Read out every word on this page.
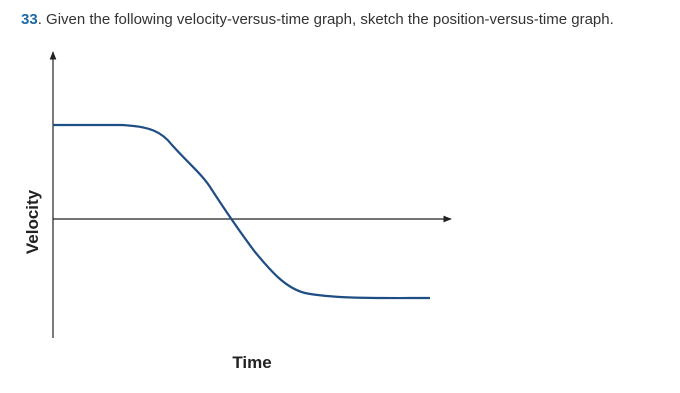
33. Given the following velocity-versus-time graph, sketch the position-versus-time graph.
Time
Velocity
